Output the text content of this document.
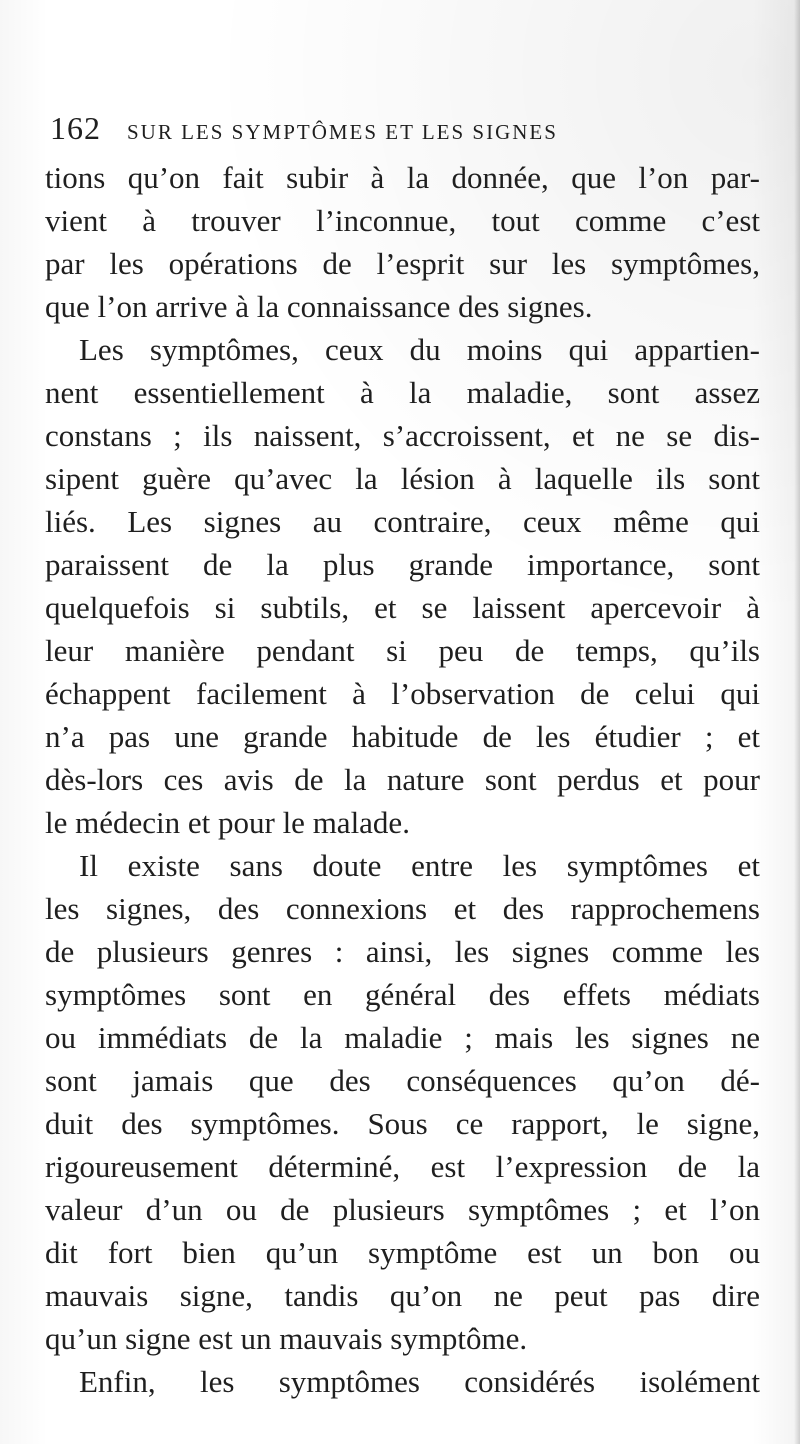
162 SUR LES SYMPTÔMES ET LES SIGNES
tions qu’on fait subir à la donnée, que l’on par-
vient à trouver l’inconnue, tout comme c’est
par les opérations de l’esprit sur les symptômes,
que l’on arrive à la connaissance des signes.
Les symptômes, ceux du moins qui appartien-
nent essentiellement à la maladie, sont assez
constans ; ils naissent, s’accroissent, et ne se dis-
sipent guère qu’avec la lésion à laquelle ils sont
liés. Les signes au contraire, ceux même qui
paraissent de la plus grande importance, sont
quelquefois si subtils, et se laissent apercevoir à
leur manière pendant si peu de temps, qu’ils
échappent facilement à l’observation de celui qui
n’a pas une grande habitude de les étudier ; et
dès-lors ces avis de la nature sont perdus et pour
le médecin et pour le malade.
Il existe sans doute entre les symptômes et
les signes, des connexions et des rapprochemens
de plusieurs genres : ainsi, les signes comme les
symptômes sont en général des effets médiats
ou immédiats de la maladie ; mais les signes ne
sont jamais que des conséquences qu’on dé-
duit des symptômes. Sous ce rapport, le signe,
rigoureusement déterminé, est l’expression de la
valeur d’un ou de plusieurs symptômes ; et l’on
dit fort bien qu’un symptôme est un bon ou
mauvais signe, tandis qu’on ne peut pas dire
qu’un signe est un mauvais symptôme.
Enfin, les symptômes considérés isolément
